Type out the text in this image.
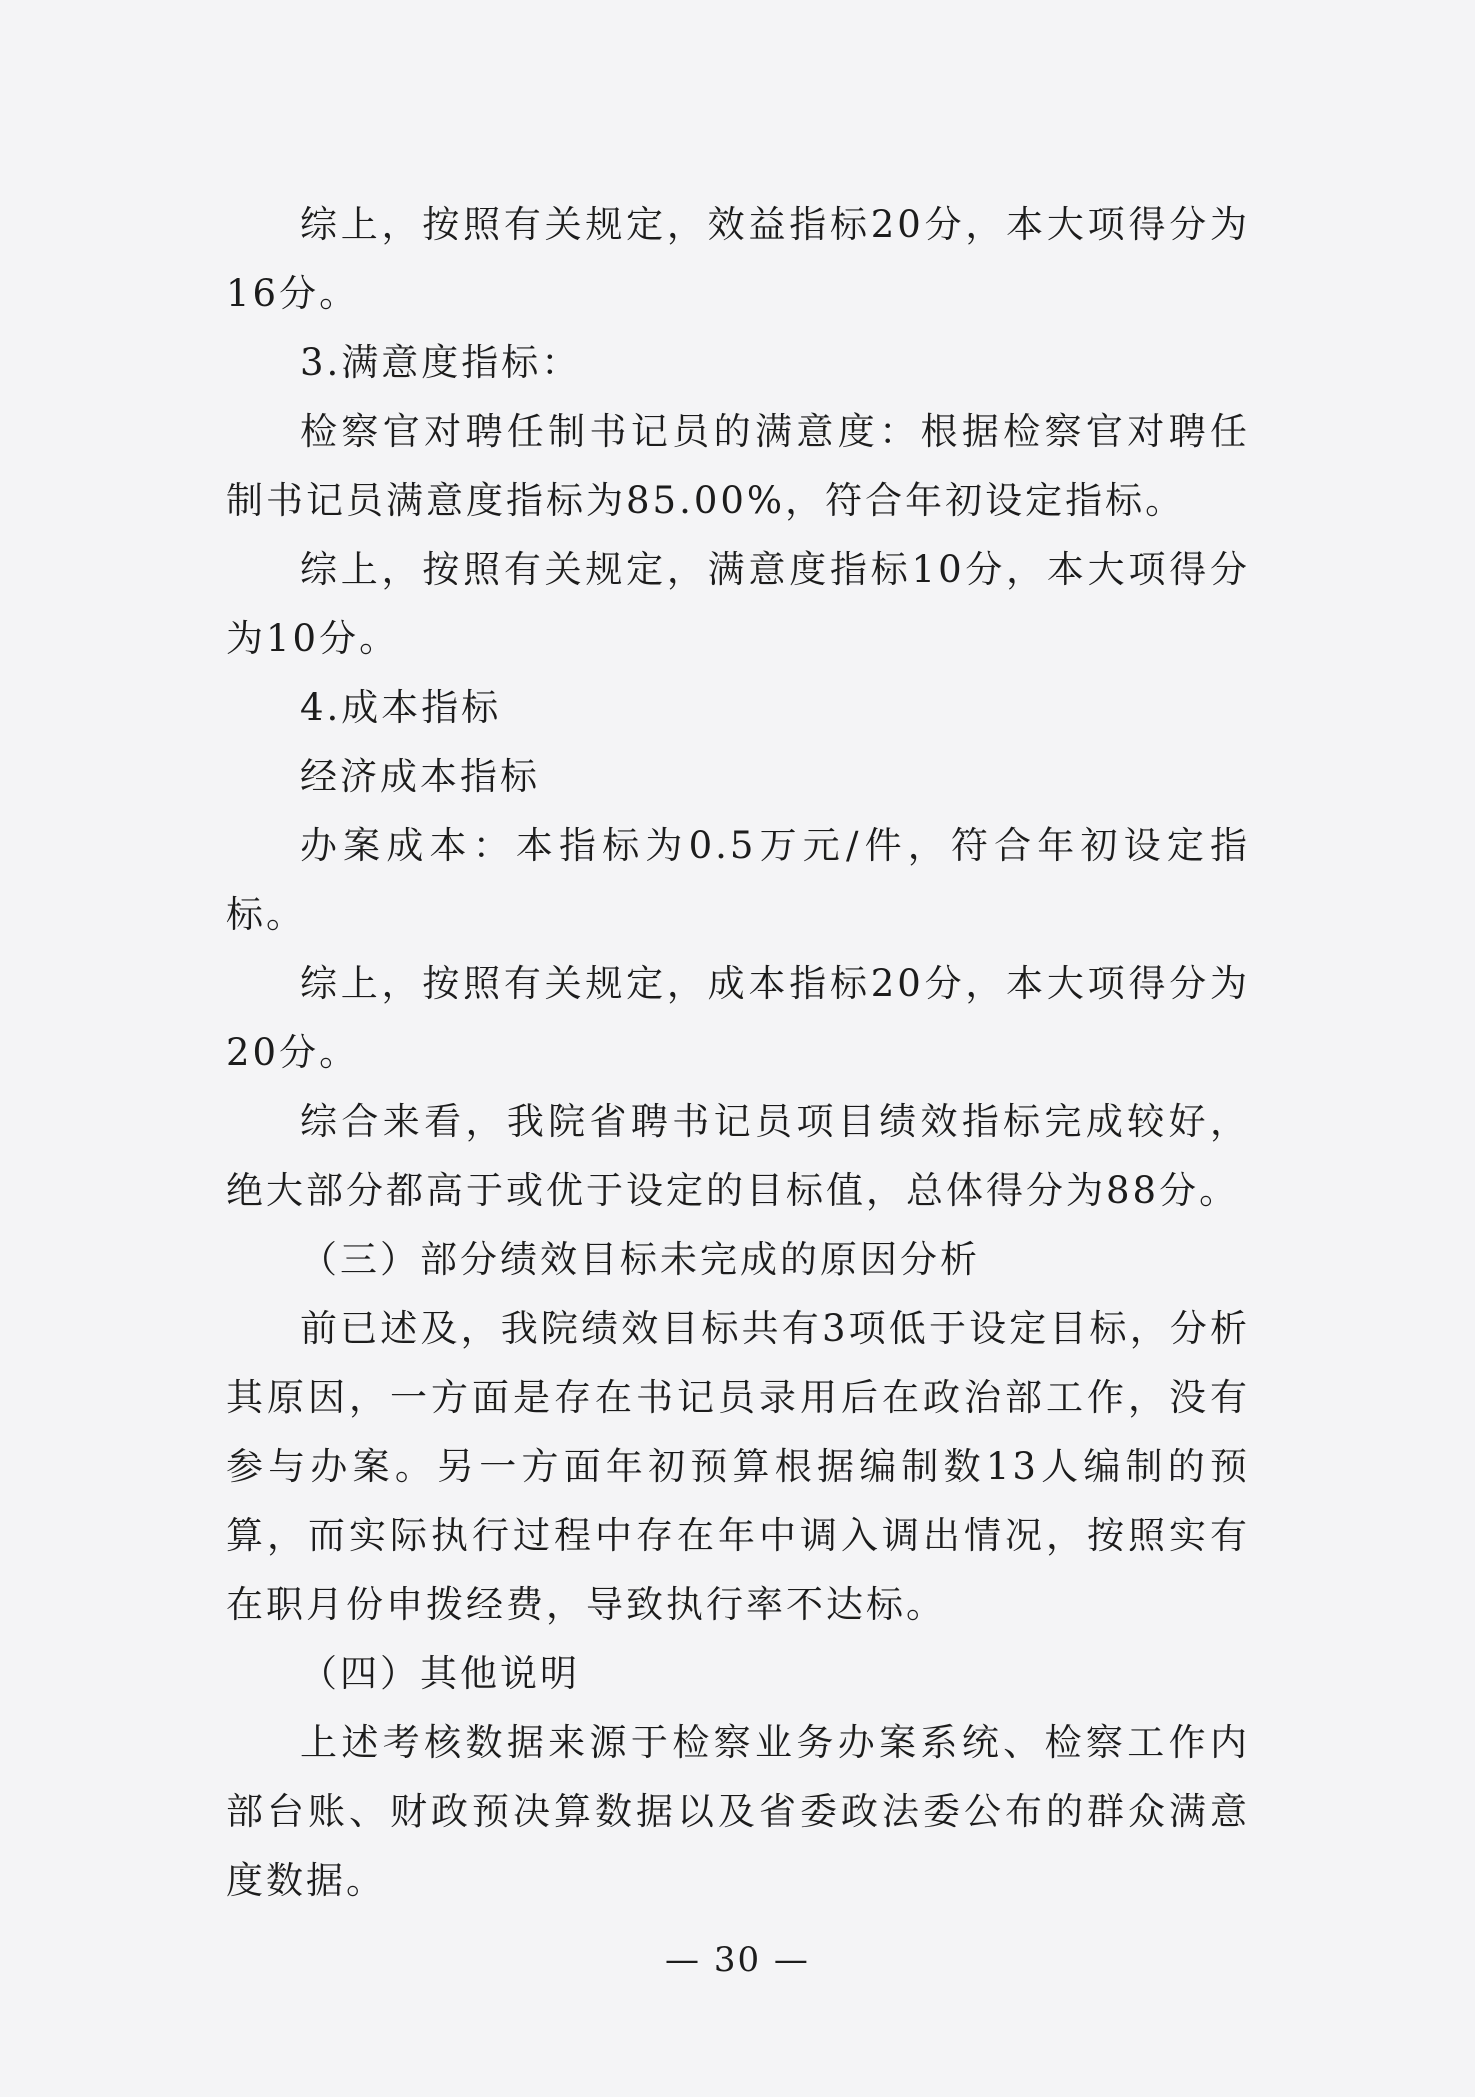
综上，按照有关规定，效益指标20分，本大项得分为16分。

3.满意度指标：

检察官对聘任制书记员的满意度：根据检察官对聘任制书记员满意度指标为85.00%，符合年初设定指标。

综上，按照有关规定，满意度指标10分，本大项得分为10分。

4.成本指标

经济成本指标

办案成本：本指标为0.5万元/件，符合年初设定指标。

综上，按照有关规定，成本指标20分，本大项得分为20分。

综合来看，我院省聘书记员项目绩效指标完成较好，绝大部分都高于或优于设定的目标值，总体得分为88分。

（三）部分绩效目标未完成的原因分析

前已述及，我院绩效目标共有3项低于设定目标，分析其原因，一方面是存在书记员录用后在政治部工作，没有参与办案。另一方面年初预算根据编制数13人编制的预算，而实际执行过程中存在年中调入调出情况，按照实有在职月份申拨经费，导致执行率不达标。

（四）其他说明

上述考核数据来源于检察业务办案系统、检察工作内部台账、财政预决算数据以及省委政法委公布的群众满意度数据。

— 30 —
